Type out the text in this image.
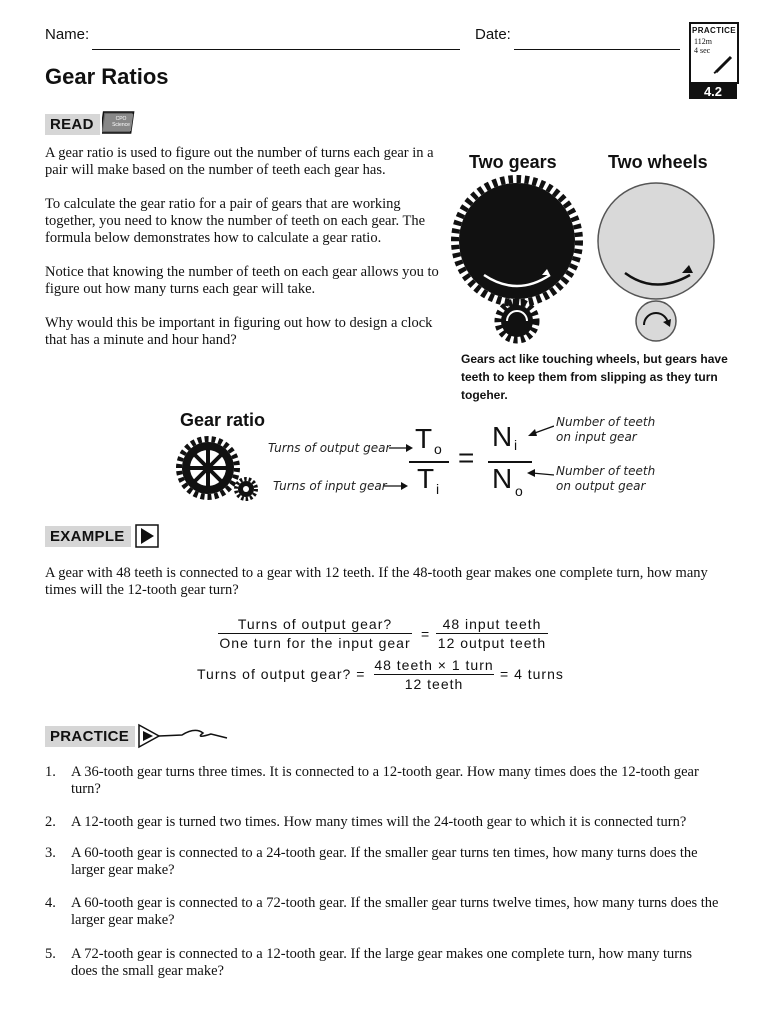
Name:	Date:	PRACTICE
112m
4 sec
4.2
Gear Ratios
READ	CPO Science

A gear ratio is used to figure out the number of turns each gear in a pair will make based on the number of teeth each gear has.

To calculate the gear ratio for a pair of gears that are working together, you need to know the number of teeth on each gear. The formula below demonstrates how to calculate a gear ratio.

Notice that knowing the number of teeth on each gear allows you to figure out how many turns each gear will take.

Why would this be important in figuring out how to design a clock that has a minute and hour hand?

Two gears	Two wheels
Gears act like touching wheels, but gears have teeth to keep them from slipping as they turn togeher.
Gear ratio
Turns of output gear
Turns of input gear
T o
T i
=
N i
N o
Number of teeth on input gear
Number of teeth on output gear
EXAMPLE

A gear with 48 teeth is connected to a gear with 12 teeth. If the 48-tooth gear makes one complete turn, how many times will the 12-tooth gear turn?

Turns of output gear?
One turn for the input gear
=
48 input teeth
12 output teeth
Turns of output gear? =
48 teeth × 1 turn
12 teeth
= 4 turns
PRACTICE
1. A 36-tooth gear turns three times. It is connected to a 12-tooth gear. How many times does the 12-tooth gear turn?
2. A 12-tooth gear is turned two times. How many times will the 24-tooth gear to which it is connected turn?
3. A 60-tooth gear is connected to a 24-tooth gear. If the smaller gear turns ten times, how many turns does the larger gear make?
4. A 60-tooth gear is connected to a 72-tooth gear. If the smaller gear turns twelve times, how many turns does the larger gear make?
5. A 72-tooth gear is connected to a 12-tooth gear. If the large gear makes one complete turn, how many turns does the small gear make?
